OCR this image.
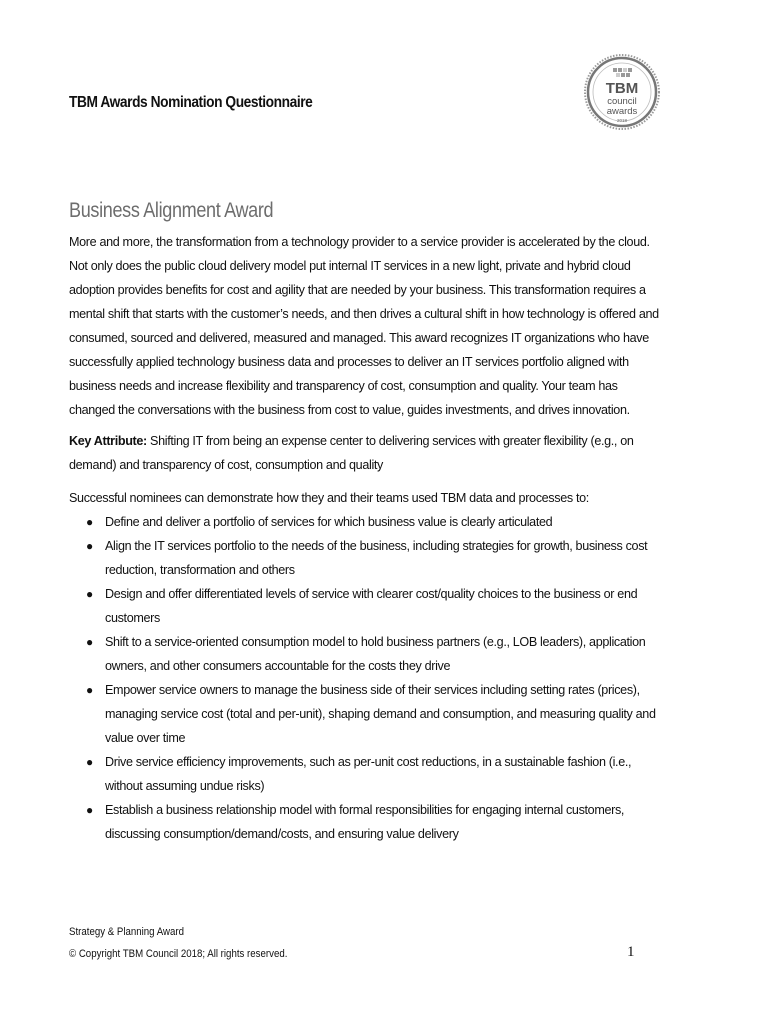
TBM Awards Nomination Questionnaire
TBM
council
awards
2018
Business Alignment Award

More and more, the transformation from a technology provider to a service provider is accelerated by the cloud. Not only does the public cloud delivery model put internal IT services in a new light, private and hybrid cloud adoption provides benefits for cost and agility that are needed by your business. This transformation requires a mental shift that starts with the customer’s needs, and then drives a cultural shift in how technology is offered and consumed, sourced and delivered, measured and managed. This award recognizes IT organizations who have successfully applied technology business data and processes to deliver an IT services portfolio aligned with business needs and increase flexibility and transparency of cost, consumption and quality. Your team has changed the conversations with the business from cost to value, guides investments, and drives innovation.

Key Attribute: Shifting IT from being an expense center to delivering services with greater flexibility (e.g., on demand) and transparency of cost, consumption and quality

Successful nominees can demonstrate how they and their teams used TBM data and processes to:

● Define and deliver a portfolio of services for which business value is clearly articulated
● Align the IT services portfolio to the needs of the business, including strategies for growth, business cost reduction, transformation and others
● Design and offer differentiated levels of service with clearer cost/quality choices to the business or end customers
● Shift to a service-oriented consumption model to hold business partners (e.g., LOB leaders), application owners, and other consumers accountable for the costs they drive
● Empower service owners to manage the business side of their services including setting rates (prices), managing service cost (total and per-unit), shaping demand and consumption, and measuring quality and value over time
● Drive service efficiency improvements, such as per-unit cost reductions, in a sustainable fashion (i.e., without assuming undue risks)
● Establish a business relationship model with formal responsibilities for engaging internal customers, discussing consumption/demand/costs, and ensuring value delivery
Strategy & Planning Award
© Copyright TBM Council 2018; All rights reserved.	1
